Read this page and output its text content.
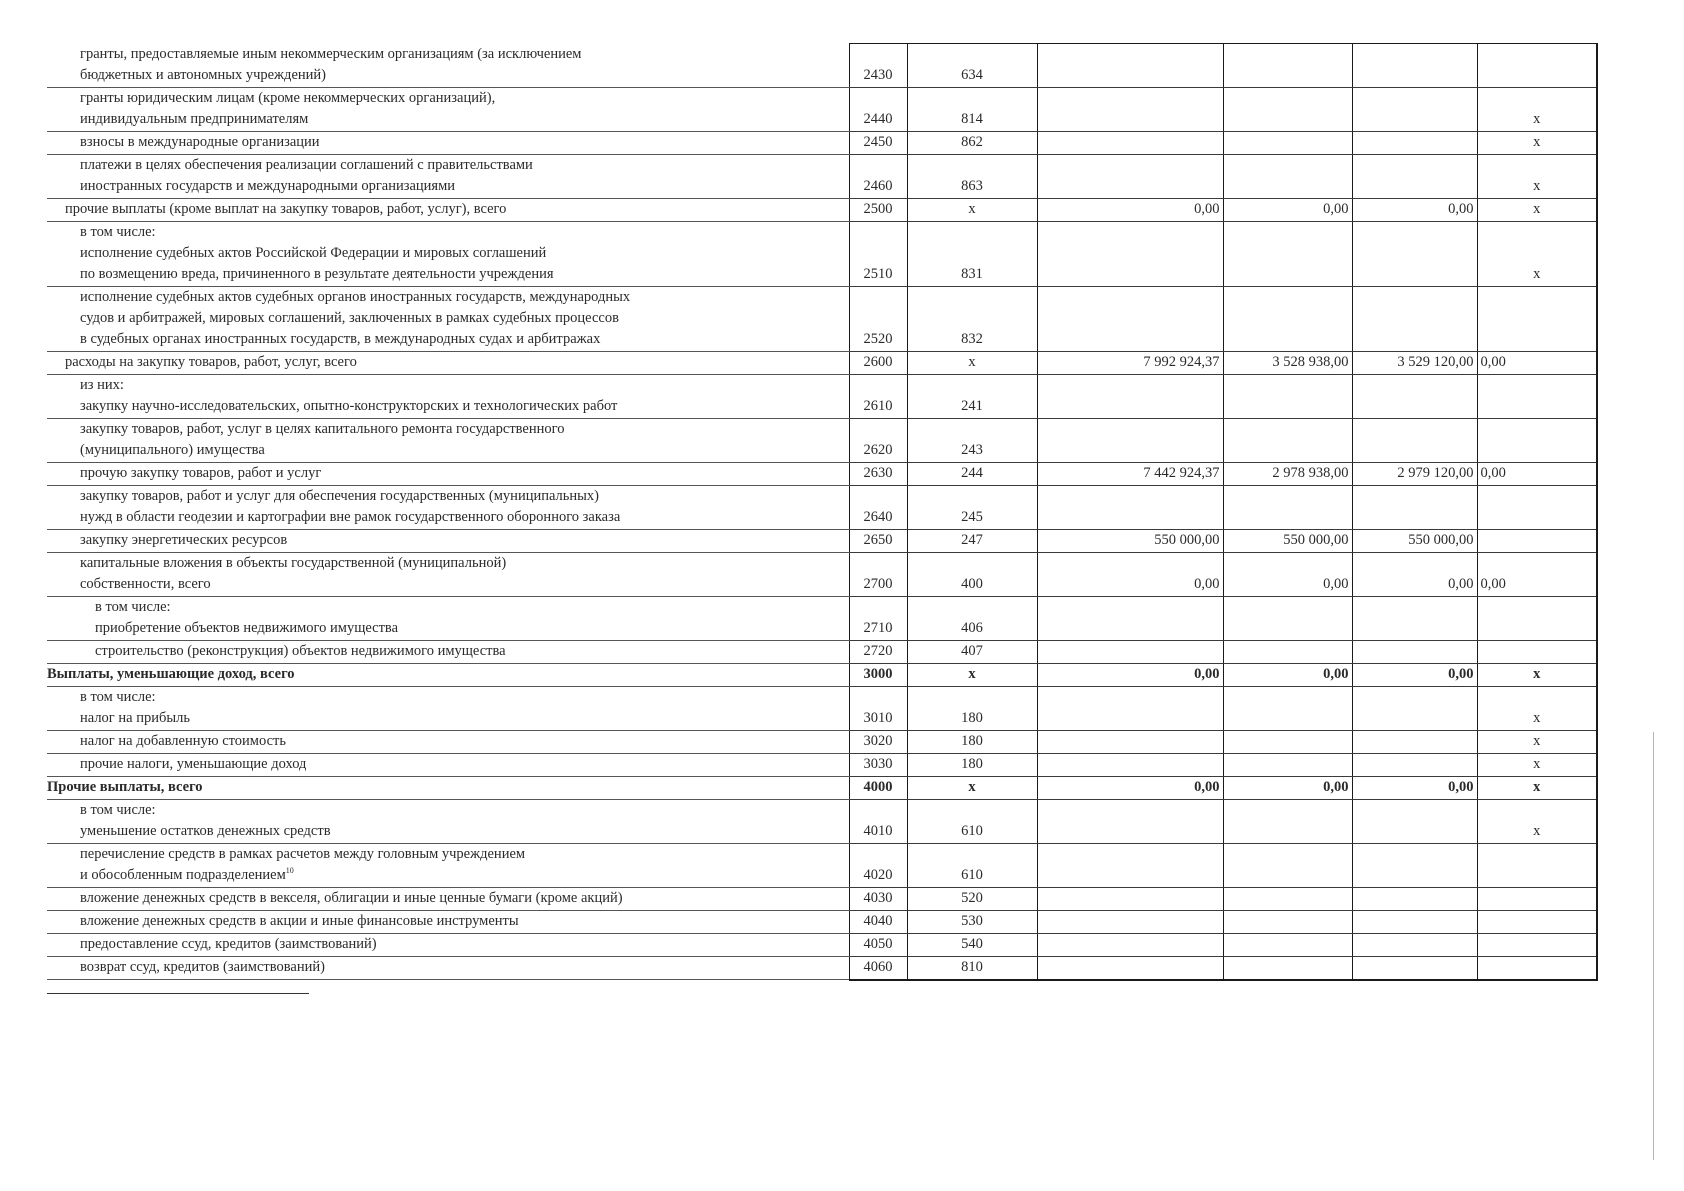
гранты, предоставляемые иным некоммерческим организациям (за исключением
бюджетных и автономных учреждений)	2430	634				

гранты юридическим лицам (кроме некоммерческих организаций),
индивидуальным предпринимателям	2440	814				х

взносы в международные организации	2450	862				х

платежи в целях обеспечения реализации соглашений с правительствами
иностранных государств и международными организациями	2460	863				х

прочие выплаты (кроме выплат на закупку товаров, работ, услуг), всего	2500	х	0,00	0,00	0,00	х

в том числе:
исполнение судебных актов Российской Федерации и мировых соглашений
по возмещению вреда, причиненного в результате деятельности учреждения	2510	831				х

исполнение судебных актов судебных органов иностранных государств, международных
судов и арбитражей, мировых соглашений, заключенных в рамках судебных процессов
в судебных органах иностранных государств, в международных судах и арбитражах	2520	832				

расходы на закупку товаров, работ, услуг, всего	2600	х	7 992 924,37	3 528 938,00	3 529 120,00	0,00

из них:
закупку научно-исследовательских, опытно-конструкторских и технологических работ	2610	241				

закупку товаров, работ, услуг в целях капитального ремонта государственного
(муниципального) имущества	2620	243				

прочую закупку товаров, работ и услуг	2630	244	7 442 924,37	2 978 938,00	2 979 120,00	0,00

закупку товаров, работ и услуг для обеспечения государственных (муниципальных)
нужд в области геодезии и картографии вне рамок государственного оборонного заказа	2640	245				

закупку энергетических ресурсов	2650	247	550 000,00	550 000,00	550 000,00	

капитальные вложения в объекты государственной (муниципальной)
собственности, всего	2700	400	0,00	0,00	0,00	0,00

в том числе:
приобретение объектов недвижимого имущества	2710	406				

строительство (реконструкция) объектов недвижимого имущества	2720	407				

Выплаты, уменьшающие доход, всего	3000	х	0,00	0,00	0,00	х

в том числе:
налог на прибыль	3010	180				х

налог на добавленную стоимость	3020	180				х

прочие налоги, уменьшающие доход	3030	180				х

Прочие выплаты, всего	4000	х	0,00	0,00	0,00	х

в том числе:
уменьшение остатков денежных средств	4010	610				х

перечисление средств в рамках расчетов между головным учреждением
и обособленным подразделением$^{10}$	4020	610				

вложение денежных средств в векселя, облигации и иные ценные бумаги (кроме акций)	4030	520				

вложение денежных средств в акции и иные финансовые инструменты	4040	530				

предоставление ссуд, кредитов (заимствований)	4050	540				

возврат ссуд, кредитов (заимствований)	4060	810				
